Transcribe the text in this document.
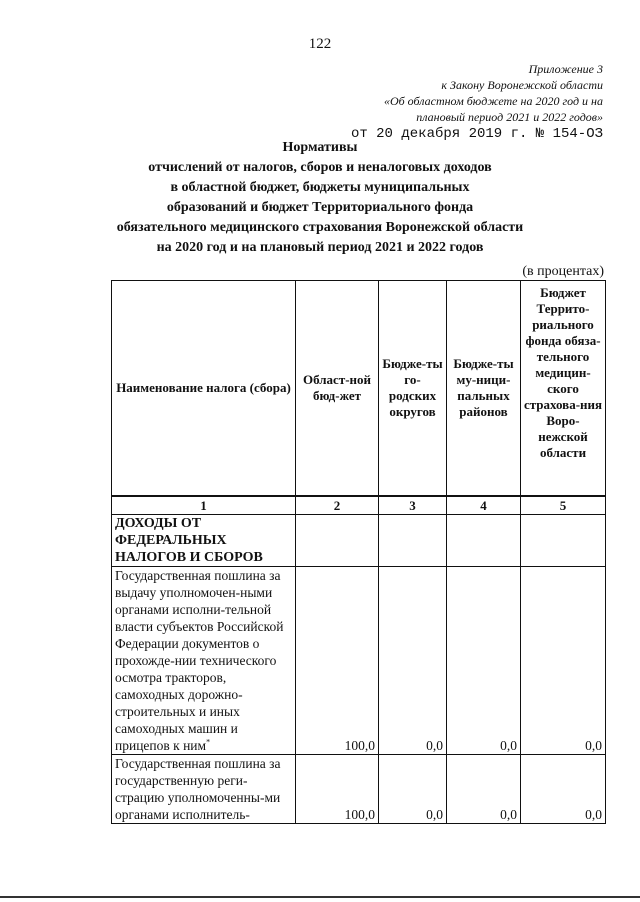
122
Приложение 3
к Закону Воронежской области
«Об областном бюджете на 2020 год и на
плановый период 2021 и 2022 годов»
от 20 декабря 2019 г. № 154-ОЗ
Нормативы
отчислений от налогов, сборов и неналоговых доходов
в областной бюджет, бюджеты муниципальных
образований и бюджет Территориального фонда
обязательного медицинского страхования Воронежской области
на 2020 год и на плановый период 2021 и 2022 годов
(в процентах)
Наименование налога (сбора)	Област-ной бюд-жет	Бюдже-ты го-родских округов	Бюдже-ты му-ници-пальных районов	Бюджет Террито-риального фонда обяза-тельного медицин-ского страхова-ния Воро-нежской области
1	2	3	4	5
ДОХОДЫ ОТ ФЕДЕРАЛЬНЫХ НАЛОГОВ И СБОРОВ				
Государственная пошлина за выдачу уполномочен-ными органами исполни-тельной власти субъектов Российской Федерации документов о прохожде-нии технического осмотра тракторов, самоходных дорожно-строительных и иных самоходных машин и прицепов к ним*	100,0	0,0	0,0	0,0
Государственная пошлина за государственную реги-страцию уполномоченны-ми органами исполнитель-	100,0	0,0	0,0	0,0
